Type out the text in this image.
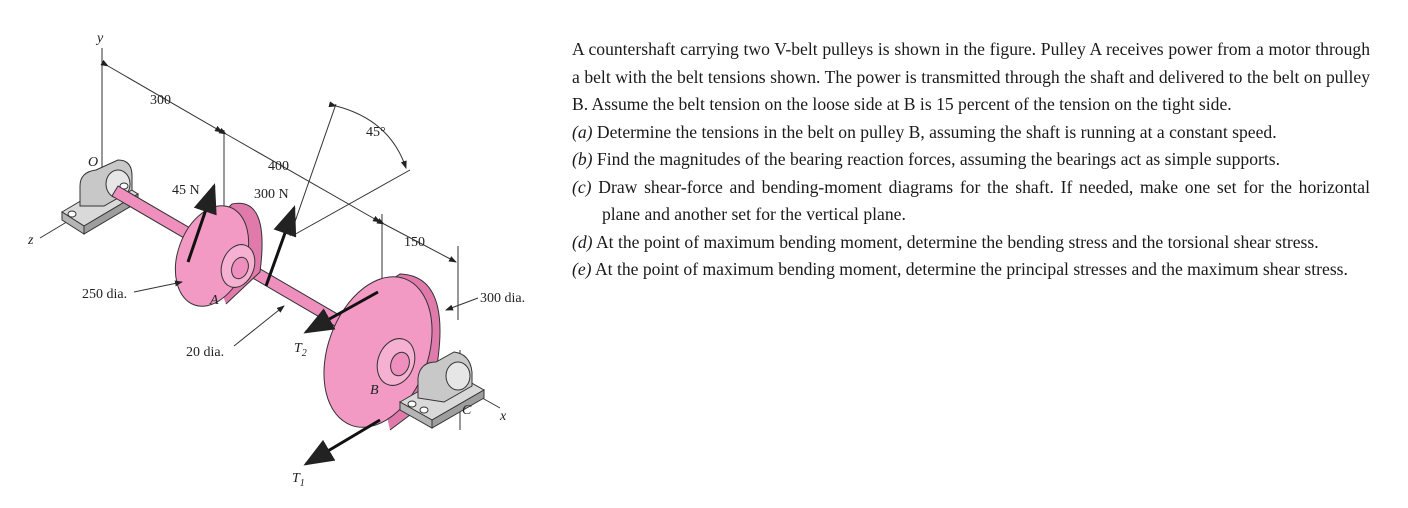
y
z
x
O
300
400
150
45°
45 N	300 N
250 dia.
20 dia.
300 dia.
A
B
C
$T_2$
$T_1$

A countershaft carrying two V-belt pulleys is shown in the figure. Pulley A receives power from a motor through a belt with the belt tensions shown. The power is transmitted through the shaft and delivered to the belt on pulley B. Assume the belt tension on the loose side at B is 15 percent of the tension on the tight side.

(a) Determine the tensions in the belt on pulley B, assuming the shaft is running at a constant speed.

(b) Find the magnitudes of the bearing reaction forces, assuming the bearings act as simple supports.

(c) Draw shear-force and bending-moment diagrams for the shaft. If needed, make one set for the horizontal plane and another set for the vertical plane.

(d) At the point of maximum bending moment, determine the bending stress and the torsional shear stress.

(e) At the point of maximum bending moment, determine the principal stresses and the maximum shear stress.
